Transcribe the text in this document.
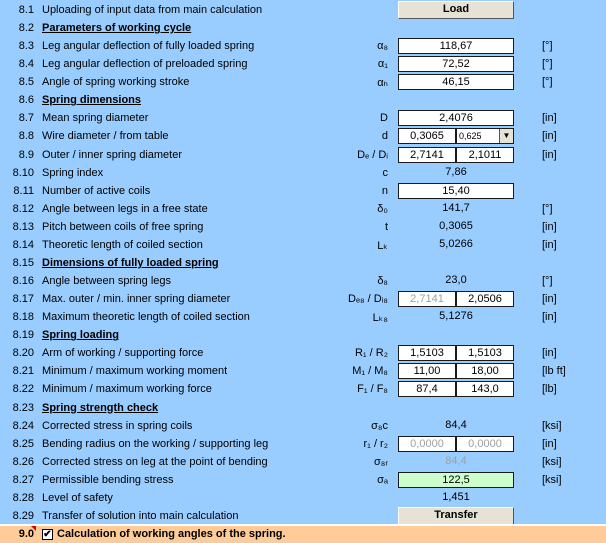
8.1 Uploading of input data from main calculation	Load
8.2 Parameters of working cycle
8.3 Leg angular deflection of fully loaded spring	α₈	118,67	[°]
8.4 Leg angular deflection of preloaded spring	α₁	72,52	[°]
8.5 Angle of spring working stroke	αₕ	46,15	[°]
8.6 Spring dimensions
8.7 Mean spring diameter	D	2,4076	[in]
8.8 Wire diameter / from table	d	0,3065	0,625	▼	[in]
8.9 Outer / inner spring diameter	Dₑ / Dᵢ	2,7141	2,1011	[in]
8.10 Spring index	c	7,86
8.11 Number of active coils	n	15,40
8.12 Angle between legs in a free state	δ₀	141,7	[°]
8.13 Pitch between coils of free spring	t	0,3065	[in]
8.14 Theoretic length of coiled section	Lₖ	5,0266	[in]
8.15 Dimensions of fully loaded spring
8.16 Angle between spring legs	δ₈	23,0	[°]
8.17 Max. outer / min. inner spring diameter	Dₑ₈ / Dᵢ₈	2,7141	2,0506	[in]
8.18 Maximum theoretic length of coiled section	Lₖ₈	5,1276	[in]
8.19 Spring loading
8.20 Arm of working / supporting force	R₁ / R₂	1,5103	1,5103	[in]
8.21 Minimum / maximum working moment	M₁ / M₈	11,00	18,00	[lb ft]
8.22 Minimum / maximum working force	F₁ / F₈	87,4	143,0	[lb]
8.23 Spring strength check
8.24 Corrected stress in spring coils	σ₈c	84,4	[ksi]
8.25 Bending radius on the working / supporting leg	r₁ / r₂	0,0000	0,0000	[in]
8.26 Corrected stress on leg at the point of bending	σ₈ᵣ	84,4	[ksi]
8.27 Permissible bending stress	σₐ	122,5	[ksi]
8.28 Level of safety	1,451
8.29 Transfer of solution into main calculation	Transfer
9.0 ✔ Calculation of working angles of the spring.
